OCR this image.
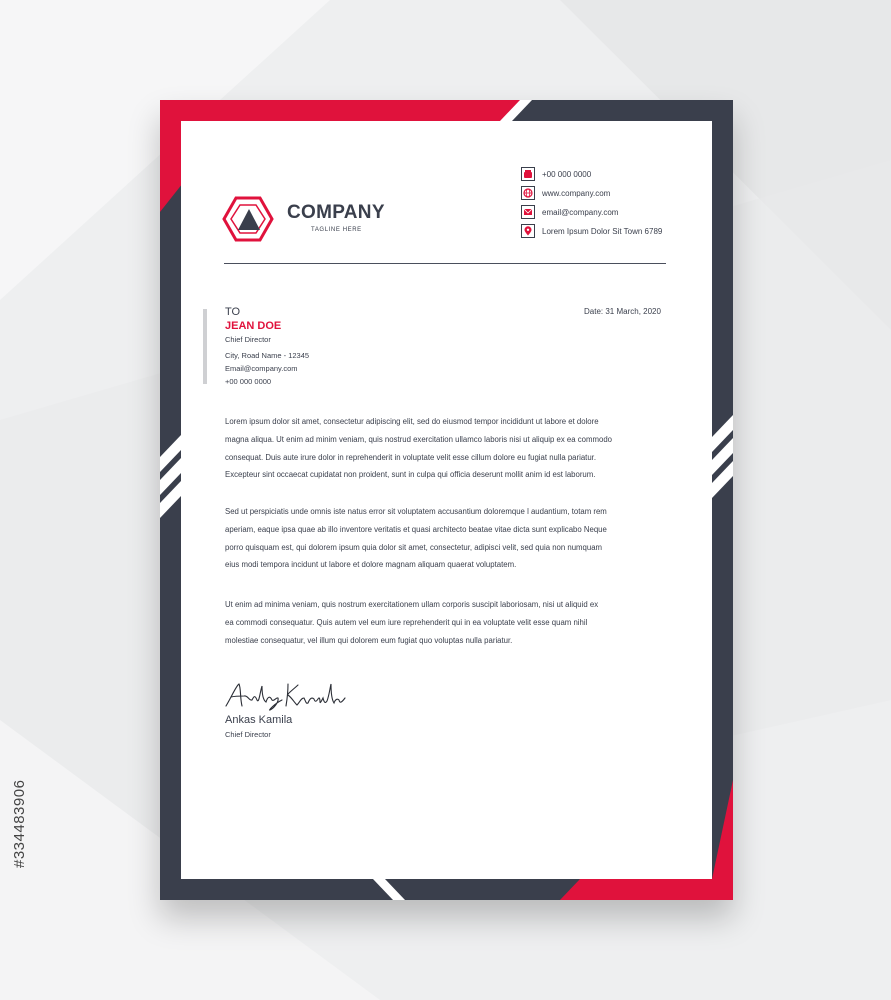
COMPANY
TAGLINE HERE
+00 000 0000
www.company.com
email@company.com
Lorem Ipsum Dolor Sit Town 6789
TO
JEAN DOE
Chief Director
City, Road Name - 12345
Email@company.com
+00 000 0000
Date: 31 March, 2020
Lorem ipsum dolor sit amet, consectetur adipiscing elit, sed do eiusmod tempor incididunt ut labore et dolore
magna aliqua. Ut enim ad minim veniam, quis nostrud exercitation ullamco laboris nisi ut aliquip ex ea commodo
consequat. Duis aute irure dolor in reprehenderit in voluptate velit esse cillum dolore eu fugiat nulla pariatur.
Excepteur sint occaecat cupidatat non proident, sunt in culpa qui officia deserunt mollit anim id est laborum.
Sed ut perspiciatis unde omnis iste natus error sit voluptatem accusantium doloremque l audantium, totam rem
aperiam, eaque ipsa quae ab illo inventore veritatis et quasi architecto beatae vitae dicta sunt explicabo Neque
porro quisquam est, qui dolorem ipsum quia dolor sit amet, consectetur, adipisci velit, sed quia non numquam
eius modi tempora incidunt ut labore et dolore magnam aliquam quaerat voluptatem.
Ut enim ad minima veniam, quis nostrum exercitationem ullam corporis suscipit laboriosam, nisi ut aliquid ex
ea commodi consequatur. Quis autem vel eum iure reprehenderit qui in ea voluptate velit esse quam nihil
molestiae consequatur, vel illum qui dolorem eum fugiat quo voluptas nulla pariatur.
Ankas Kamila
Chief Director
#334483906
